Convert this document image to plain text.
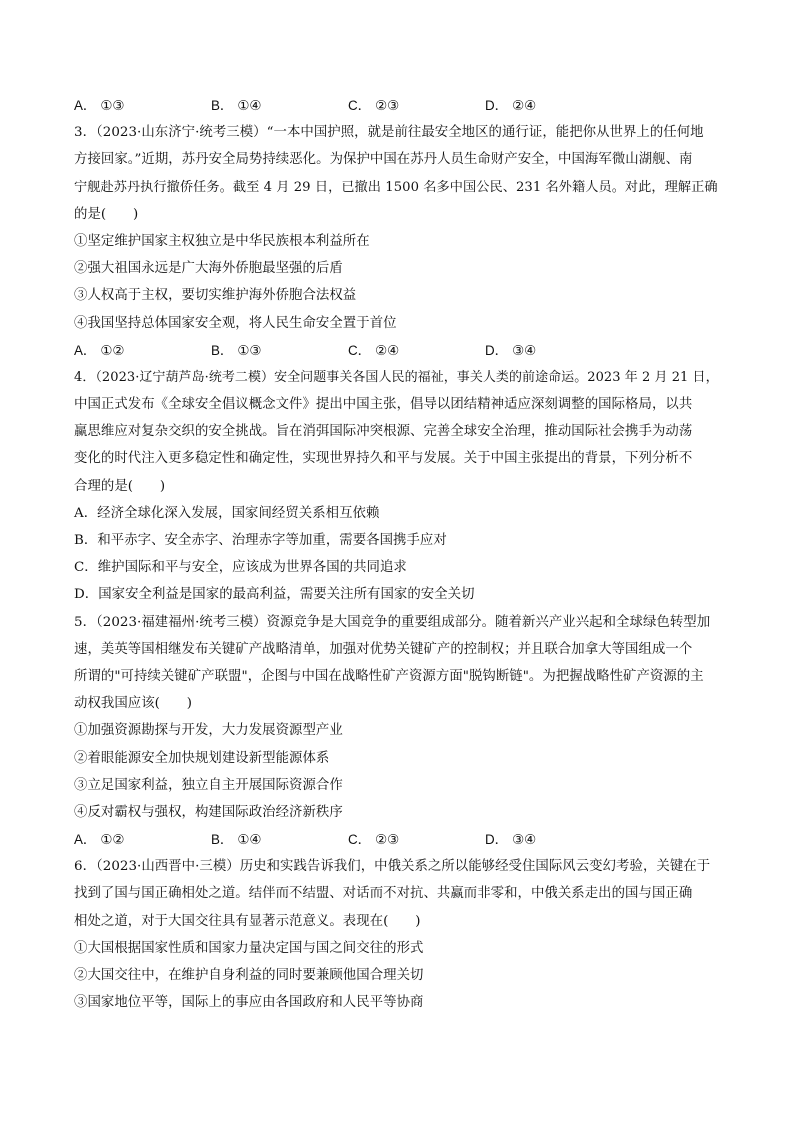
A． ①③	B． ①④	C． ②③	D． ②④
3．（2023·山东济宁·统考三模）“一本中国护照，就是前往最安全地区的通行证，能把你从世界上的任何地
方接回家。”近期，苏丹安全局势持续恶化。为保护中国在苏丹人员生命财产安全，中国海军微山湖舰、南
宁舰赴苏丹执行撤侨任务。截至 4 月 29 日，已撤出 1500 名多中国公民、231 名外籍人员。对此，理解正确
的是(　　)
①坚定维护国家主权独立是中华民族根本利益所在
②强大祖国永远是广大海外侨胞最坚强的后盾
③人权高于主权，要切实维护海外侨胞合法权益
④我国坚持总体国家安全观，将人民生命安全置于首位
A． ①②	B． ①③	C． ②④	D． ③④
4．（2023·辽宁葫芦岛·统考二模）安全问题事关各国人民的福祉，事关人类的前途命运。2023 年 2 月 21 日，
中国正式发布《全球安全倡议概念文件》提出中国主张，倡导以团结精神适应深刻调整的国际格局，以共
赢思维应对复杂交织的安全挑战。旨在消弭国际冲突根源、完善全球安全治理，推动国际社会携手为动荡
变化的时代注入更多稳定性和确定性，实现世界持久和平与发展。关于中国主张提出的背景，下列分析不
合理的是(　　)
A．经济全球化深入发展，国家间经贸关系相互依赖
B．和平赤字、安全赤字、治理赤字等加重，需要各国携手应对
C．维护国际和平与安全，应该成为世界各国的共同追求
D．国家安全利益是国家的最高利益，需要关注所有国家的安全关切
5．（2023·福建福州·统考三模）资源竞争是大国竞争的重要组成部分。随着新兴产业兴起和全球绿色转型加
速，美英等国相继发布关键矿产战略清单，加强对优势关键矿产的控制权；并且联合加拿大等国组成一个
所谓的"可持续关键矿产联盟"，企图与中国在战略性矿产资源方面"脱钩断链"。为把握战略性矿产资源的主
动权我国应该(　　)
①加强资源勘探与开发，大力发展资源型产业
②着眼能源安全加快规划建设新型能源体系
③立足国家利益，独立自主开展国际资源合作
④反对霸权与强权，构建国际政治经济新秩序
A． ①②	B． ①④	C． ②③	D． ③④
6．（2023·山西晋中·三模）历史和实践告诉我们，中俄关系之所以能够经受住国际风云变幻考验，关键在于
找到了国与国正确相处之道。结伴而不结盟、对话而不对抗、共赢而非零和，中俄关系走出的国与国正确
相处之道，对于大国交往具有显著示范意义。表现在(　　)
①大国根据国家性质和国家力量决定国与国之间交往的形式
②大国交往中，在维护自身利益的同时要兼顾他国合理关切
③国家地位平等，国际上的事应由各国政府和人民平等协商
